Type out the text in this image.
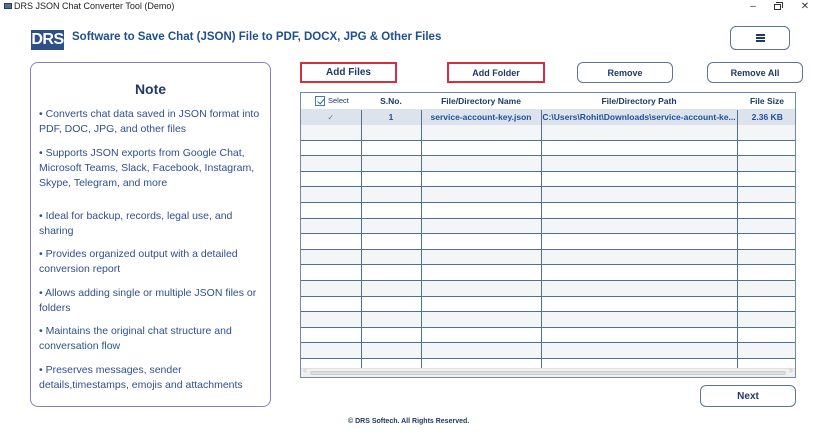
DRS JSON Chat Converter Tool (Demo)	–	✕
DRS Software to Save Chat (JSON) File to PDF, DOCX, JPG & Other Files
Note
• Converts chat data saved in JSON format into PDF, DOC, JPG, and other files
• Supports JSON exports from Google Chat, Microsoft Teams, Slack, Facebook, Instagram, Skype, Telegram, and more
• Ideal for backup, records, legal use, and sharing
• Provides organized output with a detailed conversion report
• Allows adding single or multiple JSON files or folders
• Maintains the original chat structure and conversation flow
• Preserves messages, sender details,timestamps, emojis and attachments
Add Files	Add Folder	Remove	Remove All
Select	S.No.	File/Directory Name	File/Directory Path	File Size
✓	1	service-account-key.json	C:\Users\Rohit\Downloads\service-account-ke...	2.36 KB

<	>
Next
© DRS Softech. All Rights Reserved.
